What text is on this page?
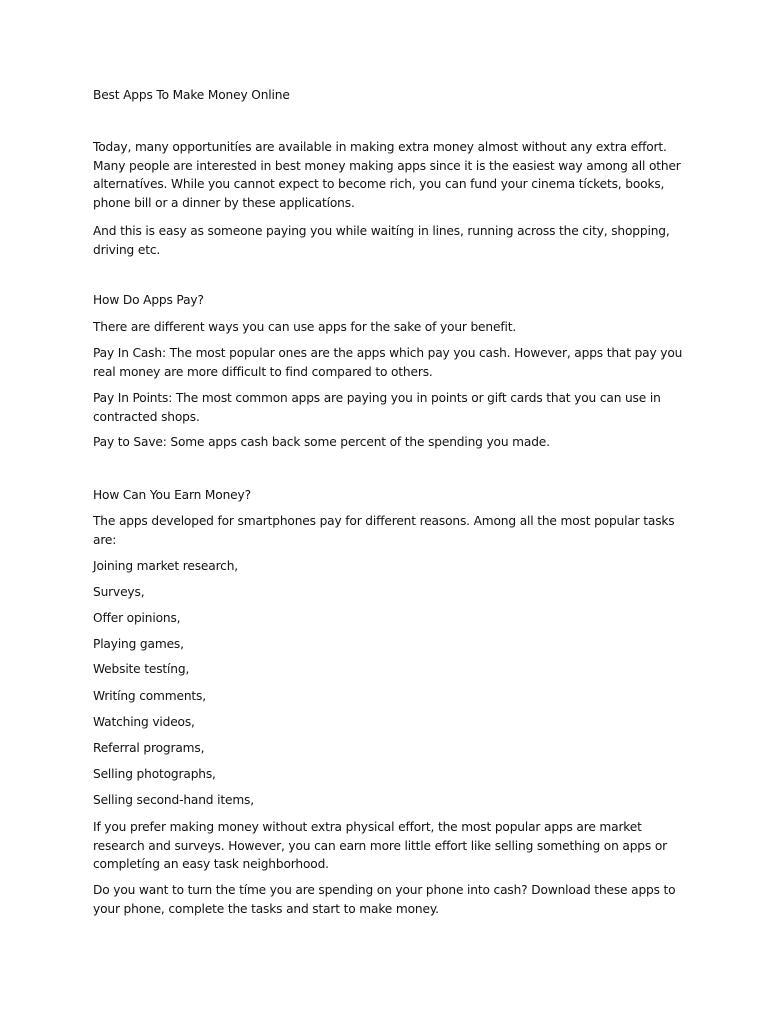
Best Apps To Make Money Online

Today, many opportunitíes are available in making extra money almost without any extra effort. Many people are interested in best money making apps since it is the easiest way among all other alternatíves. While you cannot expect to become rich, you can fund your cinema tíckets, books, phone bill or a dinner by these applicatíons.

And this is easy as someone paying you while waitíng in lines, running across the city, shopping, driving etc.

How Do Apps Pay?

There are different ways you can use apps for the sake of your benefit.

Pay In Cash: The most popular ones are the apps which pay you cash. However, apps that pay you real money are more difficult to find compared to others.

Pay In Points: The most common apps are paying you in points or gift cards that you can use in contracted shops.

Pay to Save: Some apps cash back some percent of the spending you made.

How Can You Earn Money?

The apps developed for smartphones pay for different reasons. Among all the most popular tasks are:

Joining market research,

Surveys,

Offer opinions,

Playing games,

Website testíng,

Writíng comments,

Watching videos,

Referral programs,

Selling photographs,

Selling second-hand items,

If you prefer making money without extra physical effort, the most popular apps are market research and surveys. However, you can earn more little effort like selling something on apps or completíng an easy task neighborhood.

Do you want to turn the tíme you are spending on your phone into cash? Download these apps to your phone, complete the tasks and start to make money.
